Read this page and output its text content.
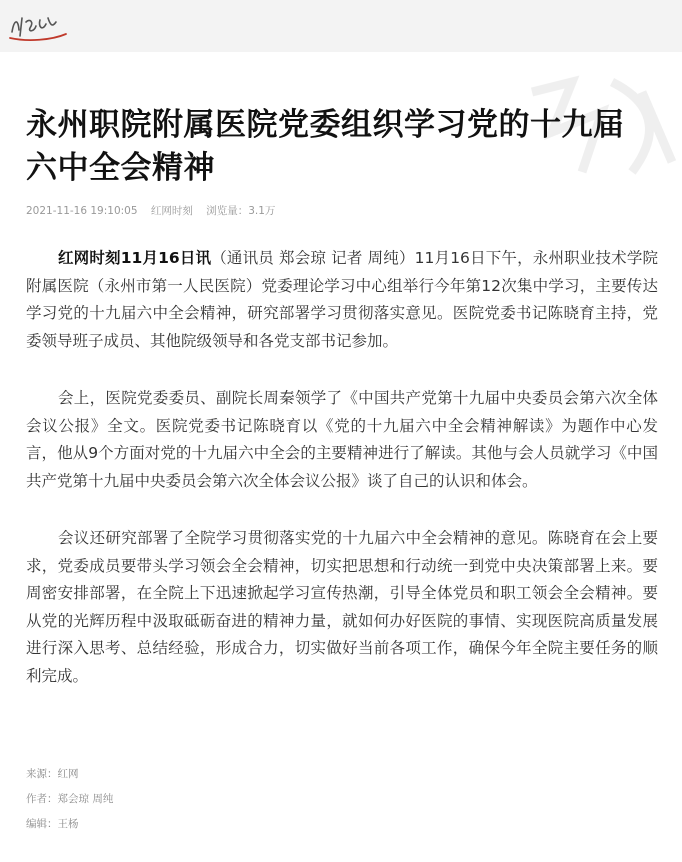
永州职院附属医院党委组织学习党的十九届六中全会精神
2021-11-16 19:10:05 红网时刻 浏览量：3.1万

红网时刻11月16日讯（通讯员 郑会琼 记者 周纯）11月16日下午，永州职业技术学院附属医院（永州市第一人民医院）党委理论学习中心组举行今年第12次集中学习，主要传达学习党的十九届六中全会精神，研究部署学习贯彻落实意见。医院党委书记陈晓育主持，党委领导班子成员、其他院级领导和各党支部书记参加。

会上，医院党委委员、副院长周秦领学了《中国共产党第十九届中央委员会第六次全体会议公报》全文。医院党委书记陈晓育以《党的十九届六中全会精神解读》为题作中心发言，他从9个方面对党的十九届六中全会的主要精神进行了解读。其他与会人员就学习《中国共产党第十九届中央委员会第六次全体会议公报》谈了自己的认识和体会。

会议还研究部署了全院学习贯彻落实党的十九届六中全会精神的意见。陈晓育在会上要求，党委成员要带头学习领会全会精神，切实把思想和行动统一到党中央决策部署上来。要周密安排部署，在全院上下迅速掀起学习宣传热潮，引导全体党员和职工领会全会精神。要从党的光辉历程中汲取砥砺奋进的精神力量，就如何办好医院的事情、实现医院高质量发展进行深入思考、总结经验，形成合力，切实做好当前各项工作，确保今年全院主要任务的顺利完成。

来源：红网
作者：郑会琼 周纯
编辑：王杨
